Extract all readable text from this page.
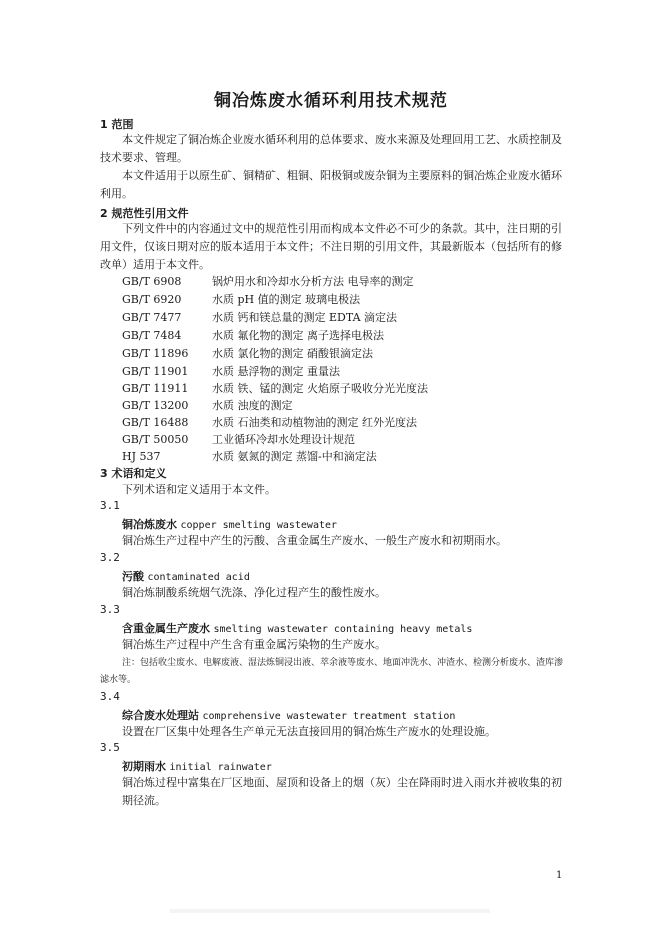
铜冶炼废水循环利用技术规范
1 范围
本文件规定了铜冶炼企业废水循环利用的总体要求、废水来源及处理回用工艺、水质控制及技术要求、管理。
本文件适用于以原生矿、铜精矿、粗铜、阳极铜或废杂铜为主要原料的铜冶炼企业废水循环利用。
2 规范性引用文件
下列文件中的内容通过文中的规范性引用而构成本文件必不可少的条款。其中，注日期的引用文件，仅该日期对应的版本适用于本文件；不注日期的引用文件，其最新版本（包括所有的修改单）适用于本文件。
GB/T 6908	锅炉用水和冷却水分析方法 电导率的测定
GB/T 6920	水质 pH 值的测定 玻璃电极法
GB/T 7477	水质 钙和镁总量的测定 EDTA 滴定法
GB/T 7484	水质 氟化物的测定 离子选择电极法
GB/T 11896 水质 氯化物的测定 硝酸银滴定法
GB/T 11901 水质 悬浮物的测定 重量法
GB/T 11911 水质 铁、锰的测定 火焰原子吸收分光光度法
GB/T 13200 水质 浊度的测定
GB/T 16488 水质 石油类和动植物油的测定 红外光度法
GB/T 50050 工业循环冷却水处理设计规范
HJ 537	水质 氨氮的测定 蒸馏-中和滴定法
3 术语和定义
下列术语和定义适用于本文件。
3.1
铜冶炼废水 copper smelting wastewater
铜冶炼生产过程中产生的污酸、含重金属生产废水、一般生产废水和初期雨水。
3.2
污酸 contaminated acid
铜冶炼制酸系统烟气洗涤、净化过程产生的酸性废水。
3.3
含重金属生产废水 smelting wastewater containing heavy metals
铜冶炼生产过程中产生含有重金属污染物的生产废水。
注：包括收尘废水、电解废液、湿法炼铜浸出液、萃余液等废水、地面冲洗水、冲渣水、检测分析废水、渣库渗滤水等。
3.4
综合废水处理站 comprehensive wastewater treatment station
设置在厂区集中处理各生产单元无法直接回用的铜冶炼生产废水的处理设施。
3.5
初期雨水 initial rainwater
铜冶炼过程中富集在厂区地面、屋顶和设备上的烟（灰）尘在降雨时进入雨水并被收集的初期径流。
1
